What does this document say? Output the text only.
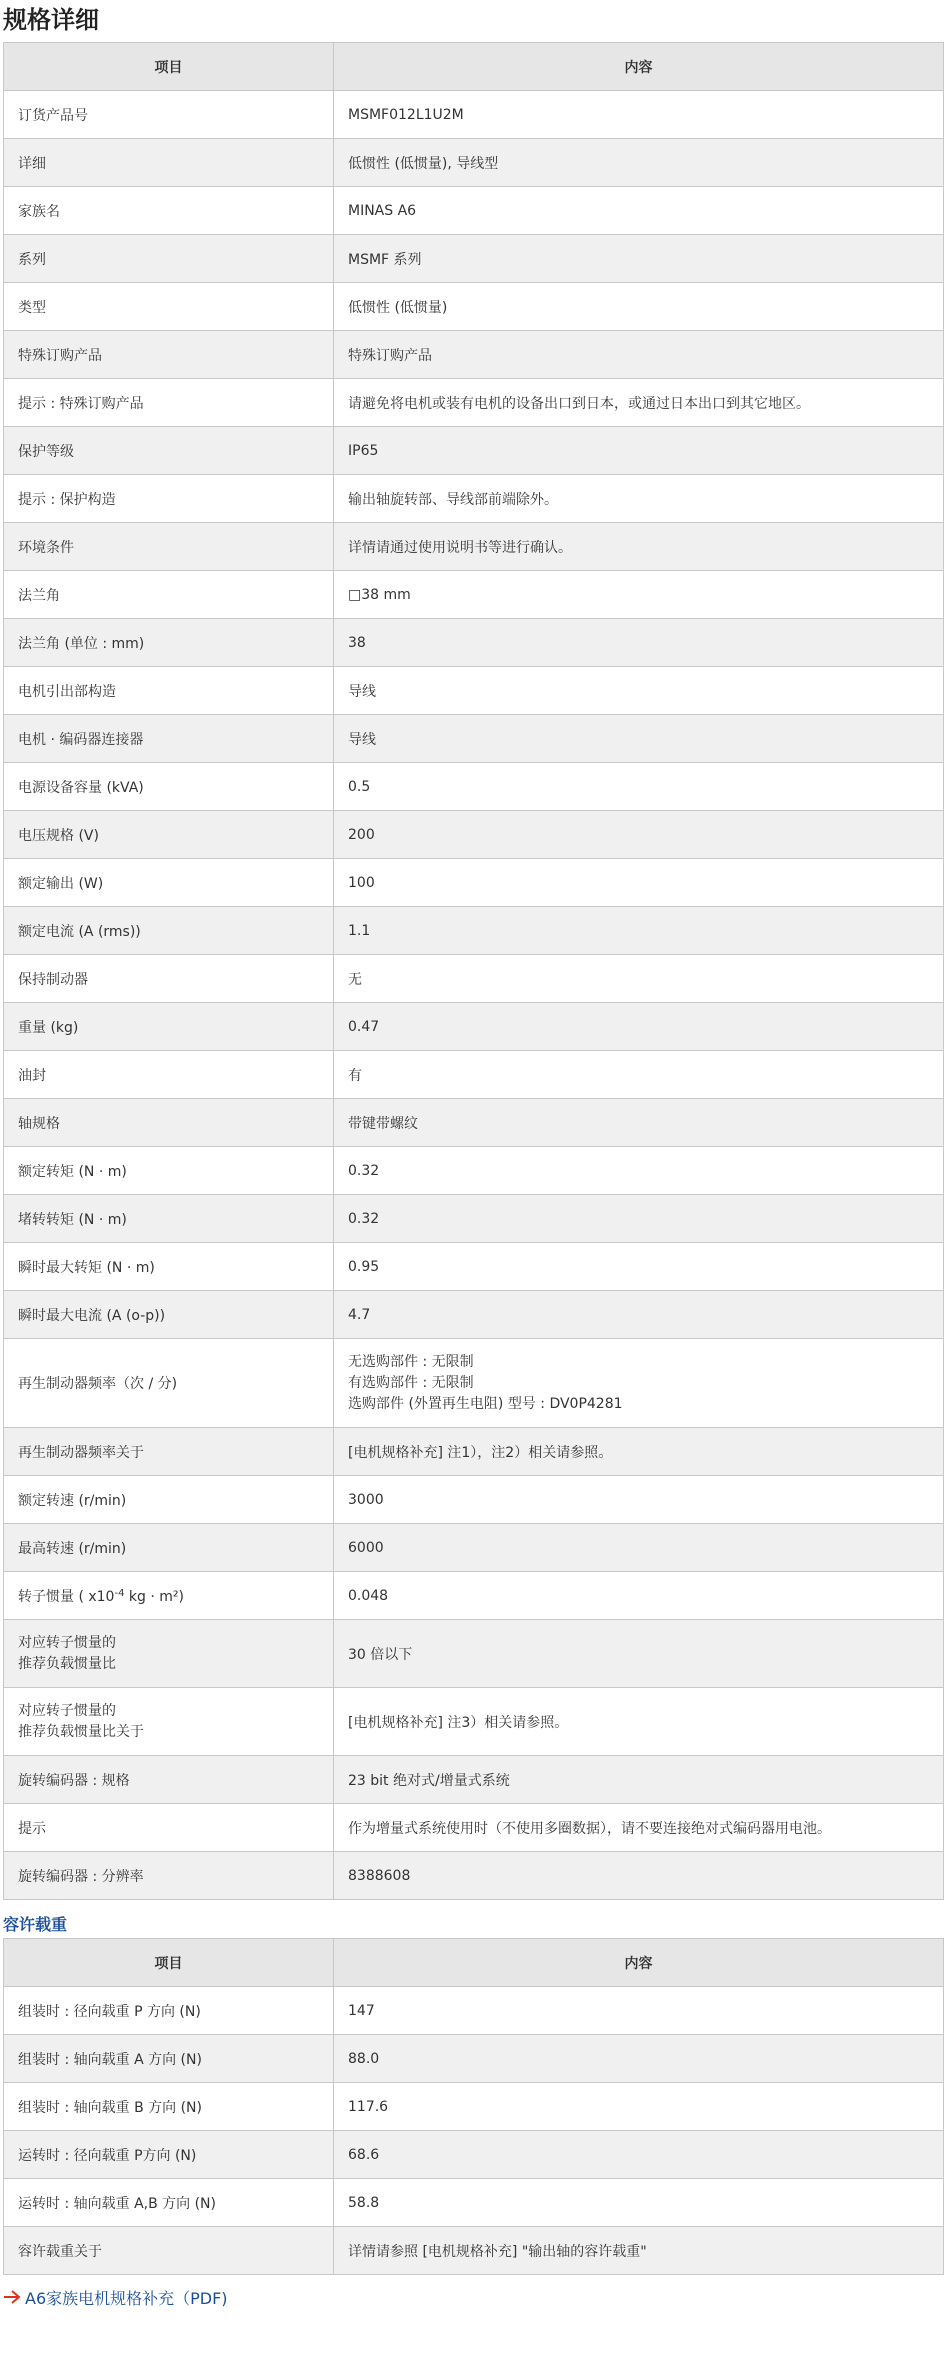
规格详细
项目	内容
订货产品号	MSMF012L1U2M
详细	低惯性 (低惯量), 导线型
家族名	MINAS A6
系列	MSMF 系列
类型	低惯性 (低惯量)
特殊订购产品	特殊订购产品
提示 : 特殊订购产品	请避免将电机或装有电机的设备出口到日本，或通过日本出口到其它地区。
保护等级	IP65
提示 : 保护构造	输出轴旋转部、导线部前端除外。
环境条件	详情请通过使用说明书等进行确认。
法兰角	□38 mm
法兰角 (单位 : mm)	38
电机引出部构造	导线
电机 · 编码器连接器	导线
电源设备容量 (kVA)	0.5
电压规格 (V)	200
额定输出 (W)	100
额定电流 (A (rms))	1.1
保持制动器	无
重量 (kg)	0.47
油封	有
轴规格	带键带螺纹
额定转矩 (N · m)	0.32
堵转转矩 (N · m)	0.32
瞬时最大转矩 (N · m)	0.95
瞬时最大电流 (A (o-p))	4.7
再生制动器频率（次 / 分)	无选购部件 : 无限制
有选购部件 : 无限制
选购部件 (外置再生电阻) 型号 : DV0P4281

再生制动器频率关于	[电机规格补充] 注1），注2）相关请参照。
额定转速 (r/min)	3000
最高转速 (r/min)	6000
转子惯量 ( $x10^{-4}$ kg · m²)	0.048

对应转子惯量的
推荐负载惯量比	30 倍以下

对应转子惯量的
推荐负载惯量比关于	[电机规格补充] 注3）相关请参照。
旋转编码器 : 规格	23 bit 绝对式/增量式系统
提示	作为增量式系统使用时（不使用多圈数据），请不要连接绝对式编码器用电池。
旋转编码器 : 分辨率	8388608
容许载重
项目	内容
组装时 : 径向载重 P 方向 (N)	147
组装时 : 轴向载重 A 方向 (N)	88.0
组装时 : 轴向载重 B 方向 (N)	117.6
运转时 : 径向载重 P方向 (N)	68.6
运转时 : 轴向载重 A,B 方向 (N)	58.8
容许载重关于	详情请参照 [电机规格补充] "输出轴的容许载重"
A6家族电机规格补充（PDF)
